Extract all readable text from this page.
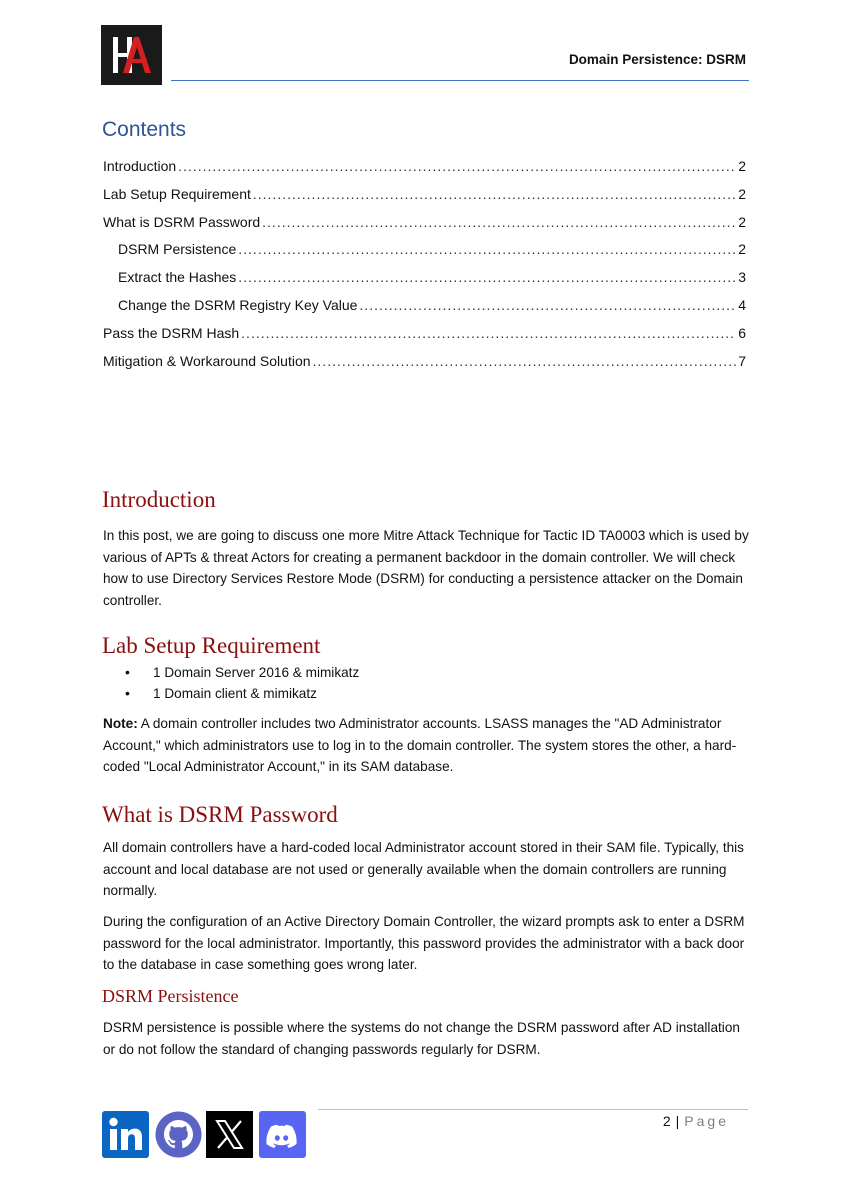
Domain Persistence: DSRM
Contents
Introduction .....	2
Lab Setup Requirement .....	2
What is DSRM Password .....	2
DSRM Persistence .....	2
Extract the Hashes .....	3
Change the DSRM Registry Key Value .....	4
Pass the DSRM Hash .....	6
Mitigation & Workaround Solution .....	7
Introduction

In this post, we are going to discuss one more Mitre Attack Technique for Tactic ID TA0003 which is used by various of APTs & threat Actors for creating a permanent backdoor in the domain controller. We will check how to use Directory Services Restore Mode (DSRM) for conducting a persistence attacker on the Domain controller.

Lab Setup Requirement
• 1 Domain Server 2016 & mimikatz
• 1 Domain client & mimikatz

Note: A domain controller includes two Administrator accounts. LSASS manages the "AD Administrator Account," which administrators use to log in to the domain controller. The system stores the other, a hard-coded "Local Administrator Account," in its SAM database.

What is DSRM Password

All domain controllers have a hard-coded local Administrator account stored in their SAM file. Typically, this account and local database are not used or generally available when the domain controllers are running normally.

During the configuration of an Active Directory Domain Controller, the wizard prompts ask to enter a DSRM password for the local administrator. Importantly, this password provides the administrator with a back door to the database in case something goes wrong later.

DSRM Persistence

DSRM persistence is possible where the systems do not change the DSRM password after AD installation or do not follow the standard of changing passwords regularly for DSRM.

2 | Page
